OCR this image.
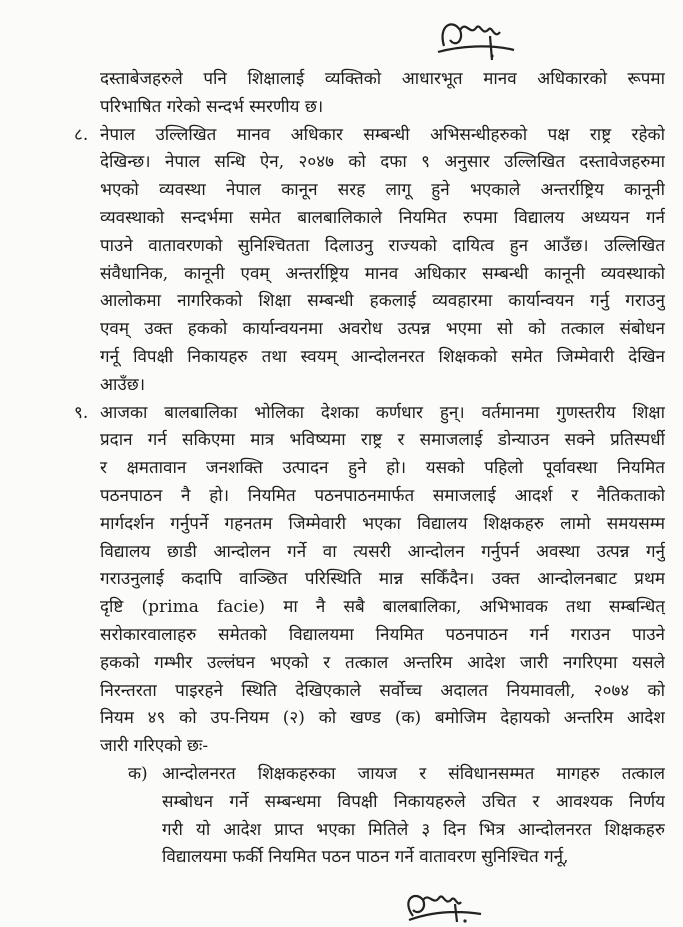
दस्ताबेजहरुले पनि शिक्षालाई व्यक्तिको आधारभूत मानव अधिकारको रूपमा
परिभाषित गरेको सन्दर्भ स्मरणीय छ।
८. नेपाल उल्लिखित मानव अधिकार सम्बन्धी अभिसन्धीहरुको पक्ष राष्ट्र रहेको
देखिन्छ। नेपाल सन्धि ऐन, २०४७ को दफा ९ अनुसार उल्लिखित दस्तावेजहरुमा
भएको व्यवस्था नेपाल कानून सरह लागू हुने भएकाले अन्तर्राष्ट्रिय कानूनी
व्यवस्थाको सन्दर्भमा समेत बालबालिकाले नियमित रुपमा विद्यालय अध्ययन गर्न
पाउने वातावरणको सुनिश्चितता दिलाउनु राज्यको दायित्व हुन आउँछ। उल्लिखित
संवैधानिक, कानूनी एवम् अन्तर्राष्ट्रिय मानव अधिकार सम्बन्धी कानूनी व्यवस्थाको
आलोकमा नागरिकको शिक्षा सम्बन्धी हकलाई व्यवहारमा कार्यान्वयन गर्नु गराउनु
एवम् उक्त हकको कार्यान्वयनमा अवरोध उत्पन्न भएमा सो को तत्काल संबोधन
गर्नू विपक्षी निकायहरु तथा स्वयम् आन्दोलनरत शिक्षकको समेत जिम्मेवारी देखिन
आउँछ।
९. आजका बालबालिका भोलिका देशका कर्णधार हुन्। वर्तमानमा गुणस्तरीय शिक्षा
प्रदान गर्न सकिएमा मात्र भविष्यमा राष्ट्र र समाजलाई डोन्याउन सक्ने प्रतिस्पर्धी
र क्षमतावान जनशक्ति उत्पादन हुने हो। यसको पहिलो पूर्वावस्था नियमित
पठनपाठन नै हो। नियमित पठनपाठनमार्फत समाजलाई आदर्श र नैतिकताको
मार्गदर्शन गर्नुपर्ने गहनतम जिम्मेवारी भएका विद्यालय शिक्षकहरु लामो समयसम्म
विद्यालय छाडी आन्दोलन गर्ने वा त्यसरी आन्दोलन गर्नुपर्न अवस्था उत्पन्न गर्नु
गराउनुलाई कदापि वाञ्छित परिस्थिति मान्न सकिँदैन। उक्त आन्दोलनबाट प्रथम
दृष्टि (prima facie) मा नै सबै बालबालिका, अभिभावक तथा सम्बन्धित्
सरोकारवालाहरु समेतको विद्यालयमा नियमित पठनपाठन गर्न गराउन पाउने
हकको गम्भीर उल्लंघन भएको र तत्काल अन्तरिम आदेश जारी नगरिएमा यसले
निरन्तरता पाइरहने स्थिति देखिएकाले सर्वोच्च अदालत नियमावली, २०७४ को
नियम ४९ को उप-नियम (२) को खण्ड (क) बमोजिम देहायको अन्तरिम आदेश
जारी गरिएको छः-
क) आन्दोलनरत शिक्षकहरुका जायज र संविधानसम्मत मागहरु तत्काल
सम्बोधन गर्ने सम्बन्धमा विपक्षी निकायहरुले उचित र आवश्यक निर्णय
गरी यो आदेश प्राप्त भएका मितिले ३ दिन भित्र आन्दोलनरत शिक्षकहरु
विद्यालयमा फर्की नियमित पठन पाठन गर्ने वातावरण सुनिश्चित गर्नू,
